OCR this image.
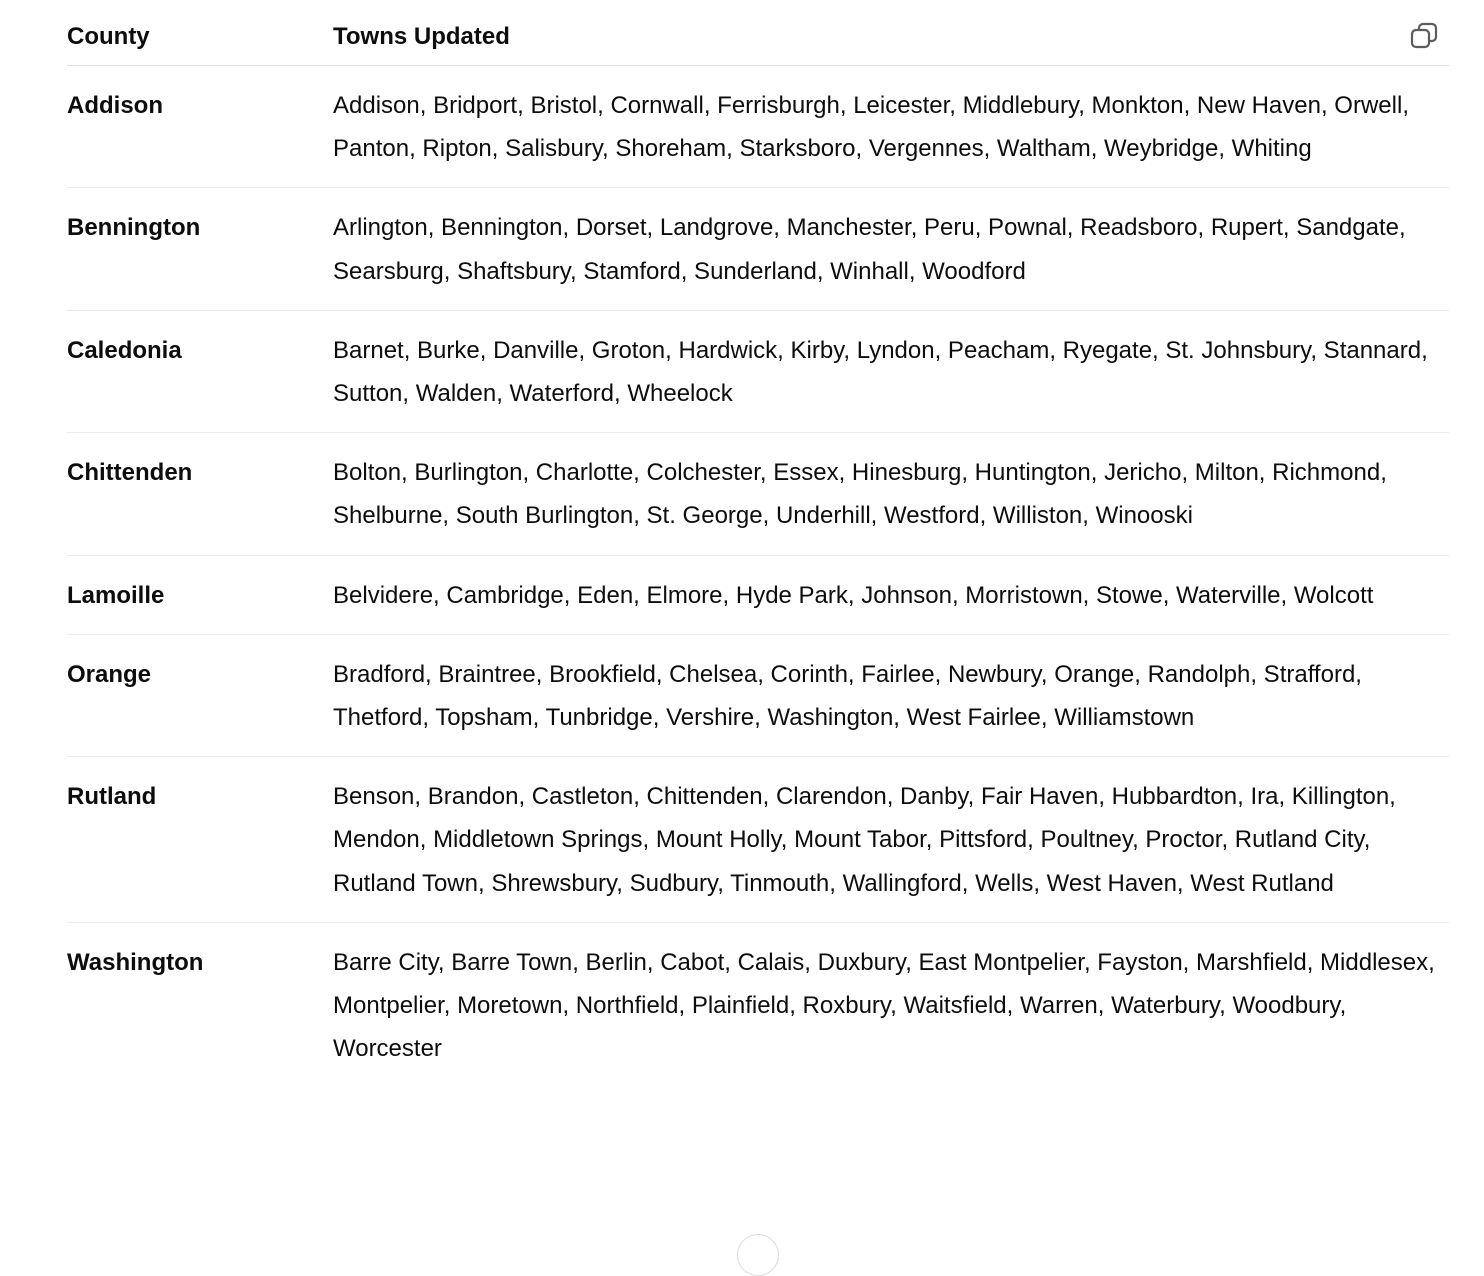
County	Towns Updated
Addison	Addison, Bridport, Bristol, Cornwall, Ferrisburgh, Leicester, Middlebury, Monkton, New Haven, Orwell, Panton, Ripton, Salisbury, Shoreham, Starksboro, Vergennes, Waltham, Weybridge, Whiting
Bennington	Arlington, Bennington, Dorset, Landgrove, Manchester, Peru, Pownal, Readsboro, Rupert, Sandgate, Searsburg, Shaftsbury, Stamford, Sunderland, Winhall, Woodford
Caledonia	Barnet, Burke, Danville, Groton, Hardwick, Kirby, Lyndon, Peacham, Ryegate, St. Johnsbury, Stannard, Sutton, Walden, Waterford, Wheelock
Chittenden	Bolton, Burlington, Charlotte, Colchester, Essex, Hinesburg, Huntington, Jericho, Milton, Richmond, Shelburne, South Burlington, St. George, Underhill, Westford, Williston, Winooski
Lamoille	Belvidere, Cambridge, Eden, Elmore, Hyde Park, Johnson, Morristown, Stowe, Waterville, Wolcott
Orange	Bradford, Braintree, Brookfield, Chelsea, Corinth, Fairlee, Newbury, Orange, Randolph, Strafford, Thetford, Topsham, Tunbridge, Vershire, Washington, West Fairlee, Williamstown
Rutland	Benson, Brandon, Castleton, Chittenden, Clarendon, Danby, Fair Haven, Hubbardton, Ira, Killington, Mendon, Middletown Springs, Mount Holly, Mount Tabor, Pittsford, Poultney, Proctor, Rutland City, Rutland Town, Shrewsbury, Sudbury, Tinmouth, Wallingford, Wells, West Haven, West Rutland
Washington	Barre City, Barre Town, Berlin, Cabot, Calais, Duxbury, East Montpelier, Fayston, Marshfield, Middlesex, Montpelier, Moretown, Northfield, Plainfield, Roxbury, Waitsfield, Warren, Waterbury, Woodbury, Worcester
